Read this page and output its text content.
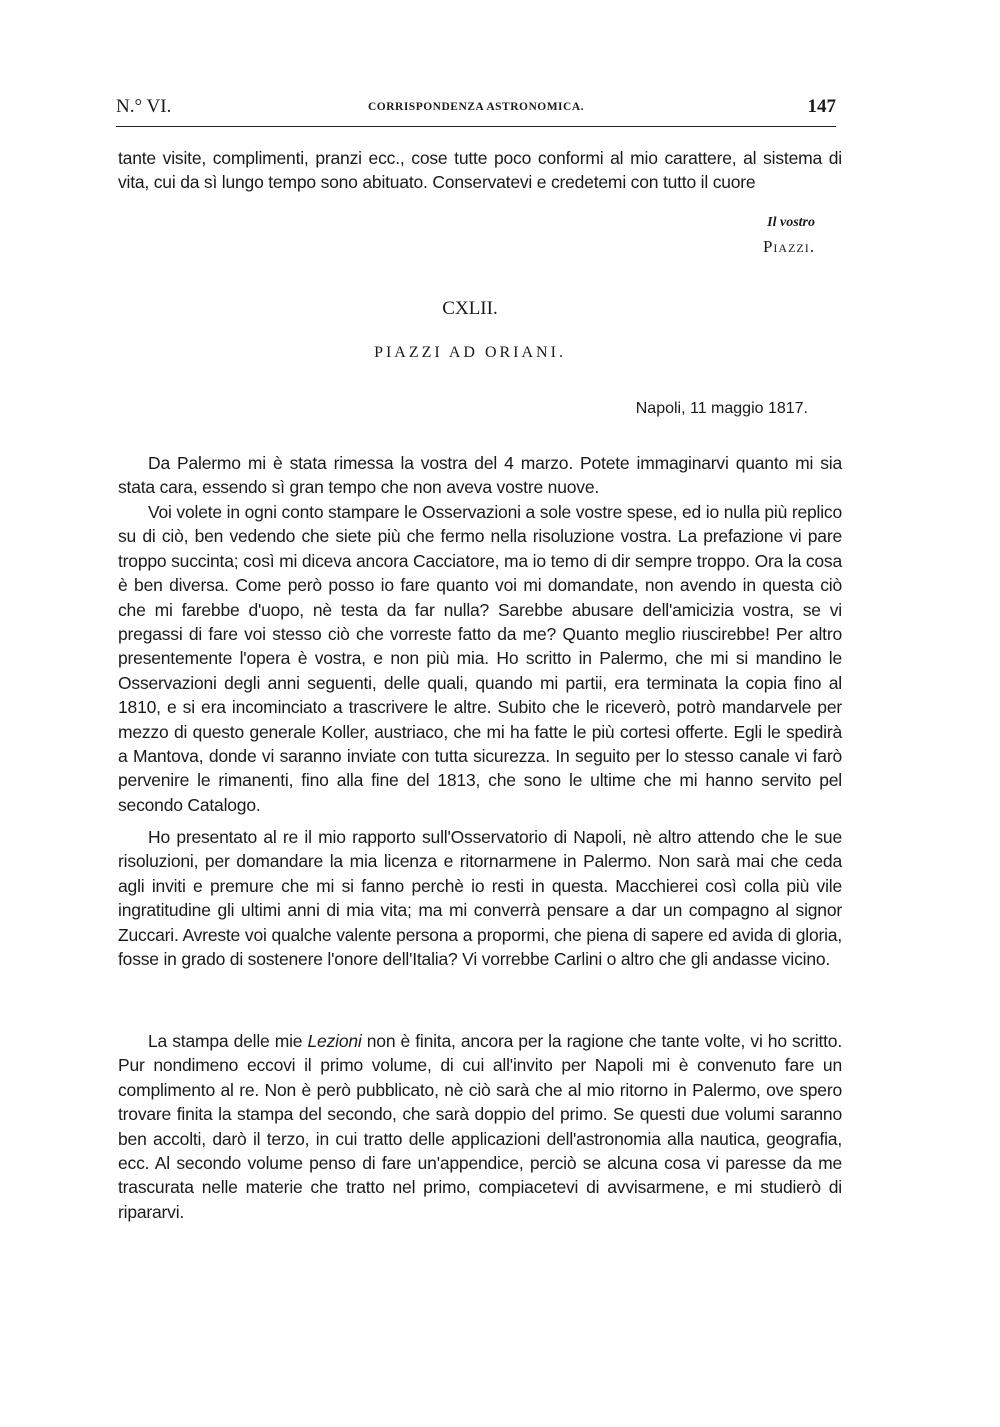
N.° VI.	CORRISPONDENZA ASTRONOMICA.	147

tante visite, complimenti, pranzi ecc., cose tutte poco conformi al mio carattere, al sistema di vita, cui da sì lungo tempo sono abituato. Conservatevi e credetemi con tutto il cuore

Il vostro
Piazzi.
CXLII.
PIAZZI AD ORIANI.
Napoli, 11 maggio 1817.

Da Palermo mi è stata rimessa la vostra del 4 marzo. Potete immaginarvi quanto mi sia stata cara, essendo sì gran tempo che non aveva vostre nuove.

Voi volete in ogni conto stampare le Osservazioni a sole vostre spese, ed io nulla più replico su di ciò, ben vedendo che siete più che fermo nella risoluzione vostra. La prefazione vi pare troppo succinta; così mi diceva ancora Cacciatore, ma io temo di dir sempre troppo. Ora la cosa è ben diversa. Come però posso io fare quanto voi mi domandate, non avendo in questa ciò che mi farebbe d'uopo, nè testa da far nulla? Sarebbe abusare dell'amicizia vostra, se vi pregassi di fare voi stesso ciò che vorreste fatto da me? Quanto meglio riuscirebbe! Per altro presentemente l'opera è vostra, e non più mia. Ho scritto in Palermo, che mi si mandino le Osservazioni degli anni seguenti, delle quali, quando mi partii, era terminata la copia fino al 1810, e si era incominciato a trascrivere le altre. Subito che le riceverò, potrò mandarvele per mezzo di questo generale Koller, austriaco, che mi ha fatte le più cortesi offerte. Egli le spedirà a Mantova, donde vi saranno inviate con tutta sicurezza. In seguito per lo stesso canale vi farò pervenire le rimanenti, fino alla fine del 1813, che sono le ultime che mi hanno servito pel secondo Catalogo.

Ho presentato al re il mio rapporto sull'Osservatorio di Napoli, nè altro attendo che le sue risoluzioni, per domandare la mia licenza e ritornarmene in Palermo. Non sarà mai che ceda agli inviti e premure che mi si fanno perchè io resti in questa. Macchierei così colla più vile ingratitudine gli ultimi anni di mia vita; ma mi converrà pensare a dar un compagno al signor Zuccari. Avreste voi qualche valente persona a propormi, che piena di sapere ed avida di gloria, fosse in grado di sostenere l'onore dell'Italia? Vi vorrebbe Carlini o altro che gli andasse vicino.

La stampa delle mie Lezioni non è finita, ancora per la ragione che tante volte, vi ho scritto. Pur nondimeno eccovi il primo volume, di cui all'invito per Napoli mi è convenuto fare un complimento al re. Non è però pubblicato, nè ciò sarà che al mio ritorno in Palermo, ove spero trovare finita la stampa del secondo, che sarà doppio del primo. Se questi due volumi saranno ben accolti, darò il terzo, in cui tratto delle applicazioni dell'astronomia alla nautica, geografia, ecc. Al secondo volume penso di fare un'appendice, perciò se alcuna cosa vi paresse da me trascurata nelle materie che tratto nel primo, compiacetevi di avvisarmene, e mi studierò di ripararvi.
